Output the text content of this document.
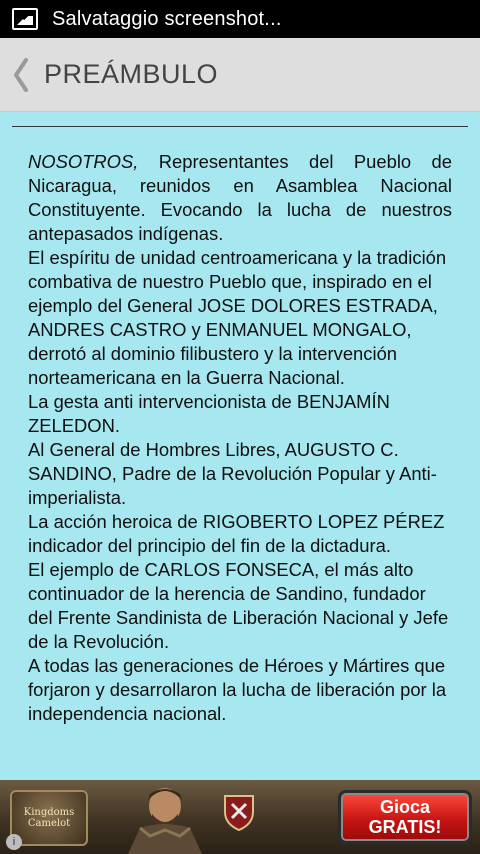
Salvataggio screenshot...
PREÁMBULO
NOSOTROS, Representantes del Pueblo de Nicaragua, reunidos en Asamblea Nacional Constituyente. Evocando la lucha de nuestros antepasados indígenas.
El espíritu de unidad centroamericana y la tradición combativa de nuestro Pueblo que, inspirado en el ejemplo del General JOSE DOLORES ESTRADA, ANDRES CASTRO y ENMANUEL MONGALO, derrotó al dominio filibustero y la intervención norteamericana en la Guerra Nacional.
La gesta anti intervencionista de BENJAMÍN ZELEDON.
Al General de Hombres Libres, AUGUSTO C. SANDINO, Padre de la Revolución Popular y Anti-imperialista.
La acción heroica de RIGOBERTO LOPEZ PÉREZ indicador del principio del fin de la dictadura.
El ejemplo de CARLOS FONSECA, el más alto continuador de la herencia de Sandino, fundador del Frente Sandinista de Liberación Nacional y Jefe de la Revolución.
A todas las generaciones de Héroes y Mártires que forjaron y desarrollaron la lucha de liberación por la independencia nacional.
Kingdoms Camelot
Gioca
GRATIS!
i
